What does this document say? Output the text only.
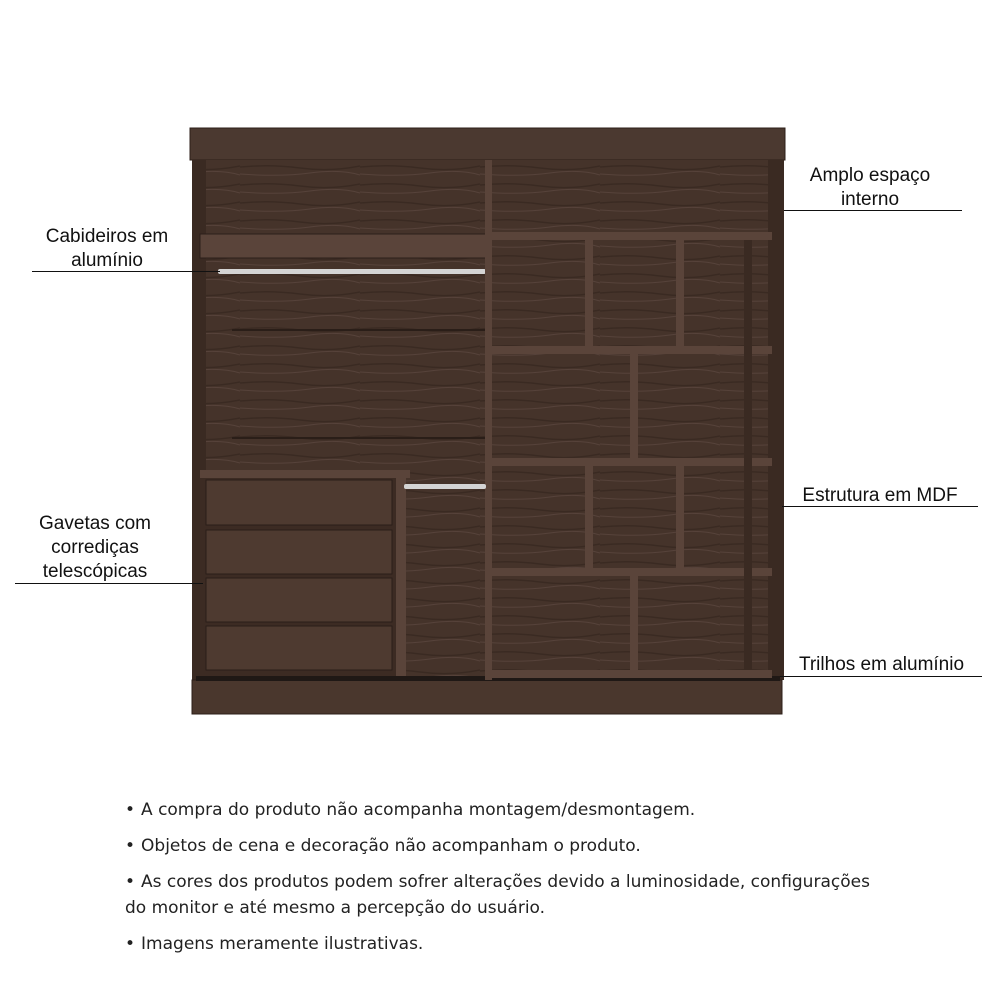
Amplo espaço
interno
Cabideiros em
alumínio
Gavetas com
corrediças
telescópicas
Estrutura em MDF
Trilhos em alumínio
• A compra do produto não acompanha montagem/desmontagem.
• Objetos de cena e decoração não acompanham o produto.
• As cores dos produtos podem sofrer alterações devido a luminosidade, configurações do monitor e até mesmo a percepção do usuário.
• Imagens meramente ilustrativas.
